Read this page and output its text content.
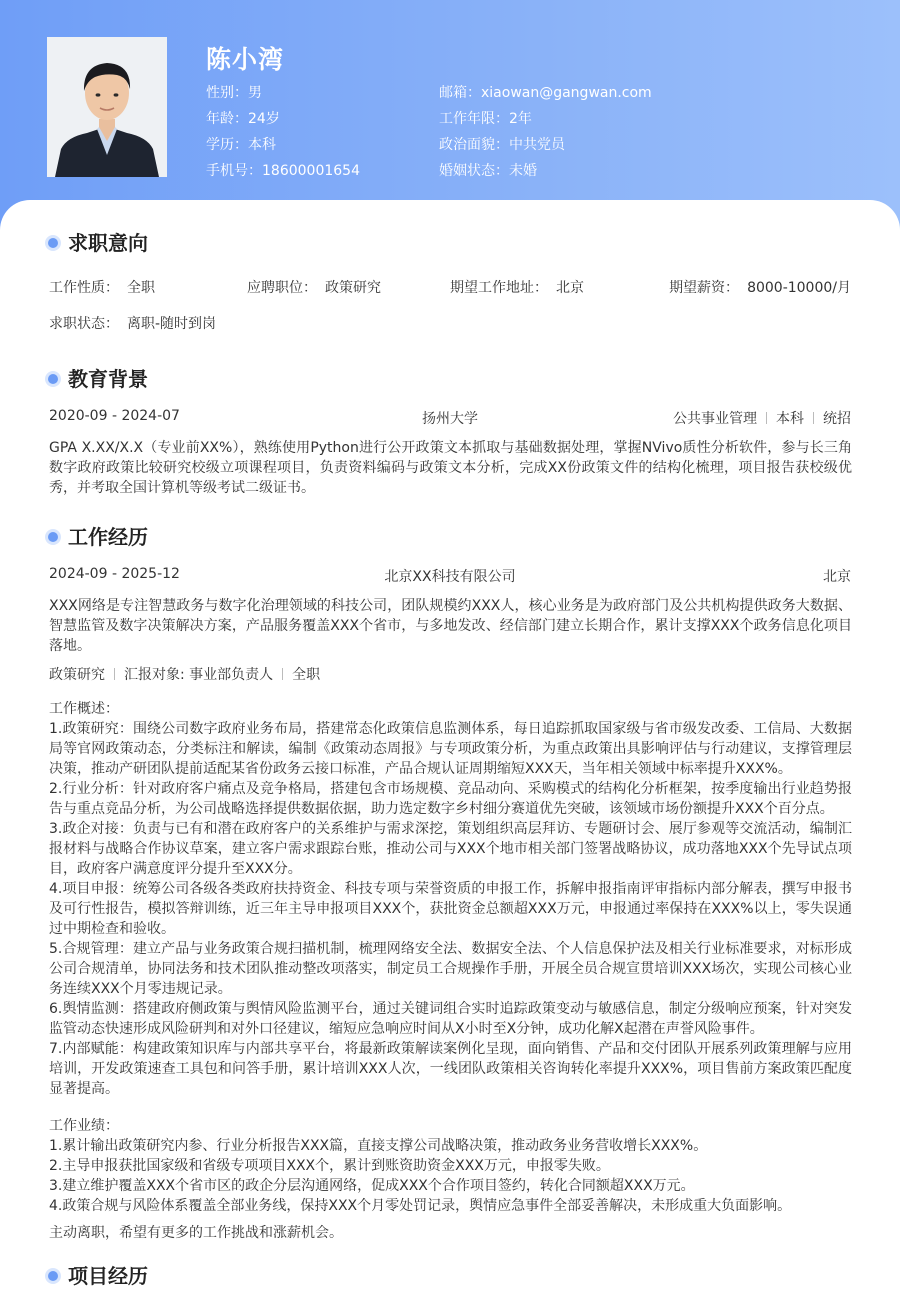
陈小湾
性别：男
年龄：24岁
学历：本科
手机号：18600001654
邮箱：xiaowan@gangwan.com
工作年限：2年
政治面貌：中共党员
婚姻状态：未婚
求职意向
工作性质： 全职	应聘职位： 政策研究	期望工作地址： 北京	期望薪资： 8000-10000/月
求职状态： 离职-随时到岗
教育背景
2020-09 - 2024-07	扬州大学	公共事业管理 本科 统招
GPA X.XX/X.X（专业前XX%），熟练使用Python进行公开政策文本抓取与基础数据处理，掌握NVivo质性分析软件，参与长三角数字政府政策比较研究校级立项课程项目，负责资料编码与政策文本分析，完成XX份政策文件的结构化梳理，项目报告获校级优秀，并考取全国计算机等级考试二级证书。
工作经历
2024-09 - 2025-12	北京XX科技有限公司	北京
XXX网络是专注智慧政务与数字化治理领域的科技公司，团队规模约XXX人，核心业务是为政府部门及公共机构提供政务大数据、智慧监管及数字决策解决方案，产品服务覆盖XXX个省市，与多地发改、经信部门建立长期合作，累计支撑XXX个政务信息化项目落地。
政策研究 汇报对象: 事业部负责人 全职
工作概述：
1.政策研究：围绕公司数字政府业务布局，搭建常态化政策信息监测体系，每日追踪抓取国家级与省市级发改委、工信局、大数据局等官网政策动态，分类标注和解读，编制《政策动态周报》与专项政策分析，为重点政策出具影响评估与行动建议，支撑管理层决策，推动产研团队提前适配某省份政务云接口标准，产品合规认证周期缩短XXX天，当年相关领域中标率提升XXX%。
2.行业分析：针对政府客户痛点及竞争格局，搭建包含市场规模、竞品动向、采购模式的结构化分析框架，按季度输出行业趋势报告与重点竞品分析，为公司战略选择提供数据依据，助力选定数字乡村细分赛道优先突破，该领域市场份额提升XXX个百分点。
3.政企对接：负责与已有和潜在政府客户的关系维护与需求深挖，策划组织高层拜访、专题研讨会、展厅参观等交流活动，编制汇报材料与战略合作协议草案，建立客户需求跟踪台账，推动公司与XXX个地市相关部门签署战略协议，成功落地XXX个先导试点项目，政府客户满意度评分提升至XXX分。
4.项目申报：统筹公司各级各类政府扶持资金、科技专项与荣誉资质的申报工作，拆解申报指南评审指标内部分解表，撰写申报书及可行性报告，模拟答辩训练，近三年主导申报项目XXX个，获批资金总额超XXX万元，申报通过率保持在XXX%以上，零失误通过中期检查和验收。
5.合规管理：建立产品与业务政策合规扫描机制，梳理网络安全法、数据安全法、个人信息保护法及相关行业标准要求，对标形成公司合规清单，协同法务和技术团队推动整改项落实，制定员工合规操作手册，开展全员合规宣贯培训XXX场次，实现公司核心业务连续XXX个月零违规记录。
6.舆情监测：搭建政府侧政策与舆情风险监测平台，通过关键词组合实时追踪政策变动与敏感信息，制定分级响应预案，针对突发监管动态快速形成风险研判和对外口径建议，缩短应急响应时间从X小时至X分钟，成功化解X起潜在声誉风险事件。
7.内部赋能：构建政策知识库与内部共享平台，将最新政策解读案例化呈现，面向销售、产品和交付团队开展系列政策理解与应用培训，开发政策速查工具包和问答手册，累计培训XXX人次，一线团队政策相关咨询转化率提升XXX%，项目售前方案政策匹配度显著提高。
工作业绩：
1.累计输出政策研究内参、行业分析报告XXX篇，直接支撑公司战略决策，推动政务业务营收增长XXX%。
2.主导申报获批国家级和省级专项项目XXX个，累计到账资助资金XXX万元，申报零失败。
3.建立维护覆盖XXX个省市区的政企分层沟通网络，促成XXX个合作项目签约，转化合同额超XXX万元。
4.政策合规与风险体系覆盖全部业务线，保持XXX个月零处罚记录，舆情应急事件全部妥善解决，未形成重大负面影响。
主动离职，希望有更多的工作挑战和涨薪机会。
项目经历
